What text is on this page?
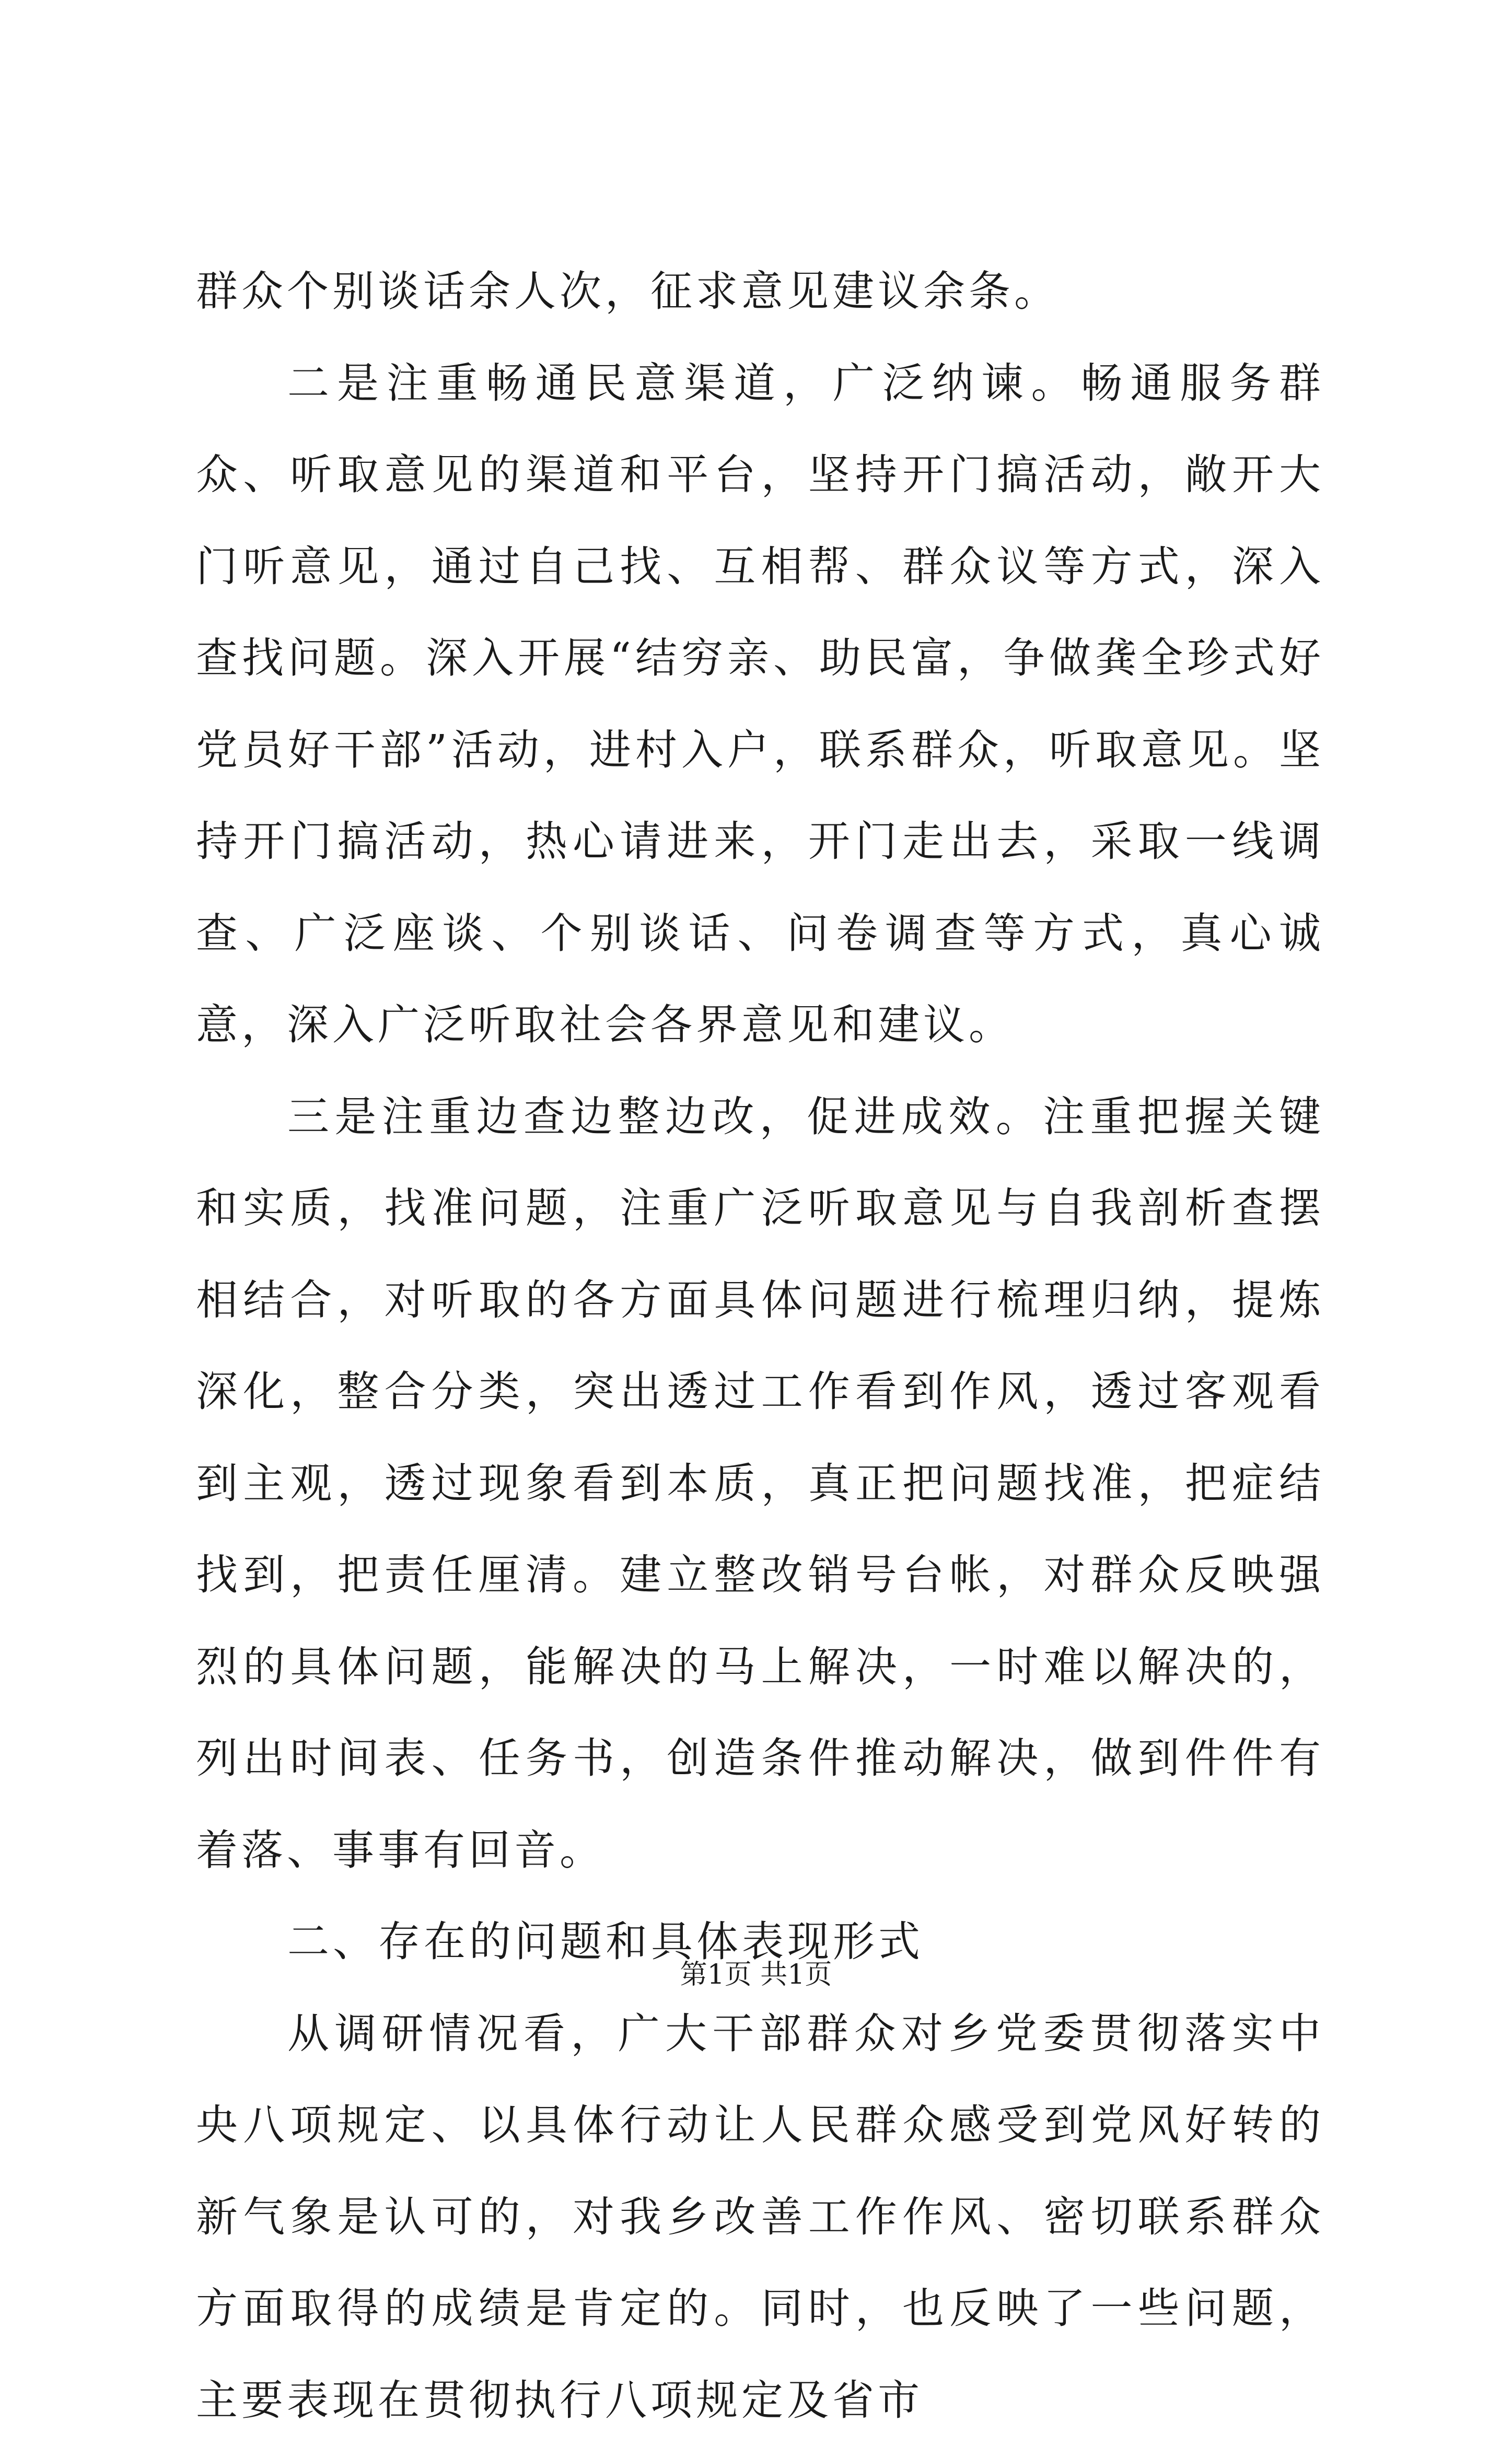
群众个别谈话余人次，征求意见建议余条。

二是注重畅通民意渠道，广泛纳谏。畅通服务群众、听取意见的渠道和平台，坚持开门搞活动，敞开大门听意见，通过自己找、互相帮、群众议等方式，深入查找问题。深入开展“结穷亲、助民富，争做龚全珍式好党员好干部”活动，进村入户，联系群众，听取意见。坚持开门搞活动，热心请进来，开门走出去，采取一线调查、广泛座谈、个别谈话、问卷调查等方式，真心诚意，深入广泛听取社会各界意见和建议。

三是注重边查边整边改，促进成效。注重把握关键和实质，找准问题，注重广泛听取意见与自我剖析查摆相结合，对听取的各方面具体问题进行梳理归纳，提炼深化，整合分类，突出透过工作看到作风，透过客观看到主观，透过现象看到本质，真正把问题找准，把症结找到，把责任厘清。建立整改销号台帐，对群众反映强烈的具体问题，能解决的马上解决，一时难以解决的，列出时间表、任务书，创造条件推动解决，做到件件有着落、事事有回音。

二、存在的问题和具体表现形式

从调研情况看，广大干部群众对乡党委贯彻落实中央八项规定、以具体行动让人民群众感受到党风好转的新气象是认可的，对我乡改善工作作风、密切联系群众方面取得的成绩是肯定的。同时，也反映了一些问题，主要表现在贯彻执行八项规定及省市

第1页 共1页
